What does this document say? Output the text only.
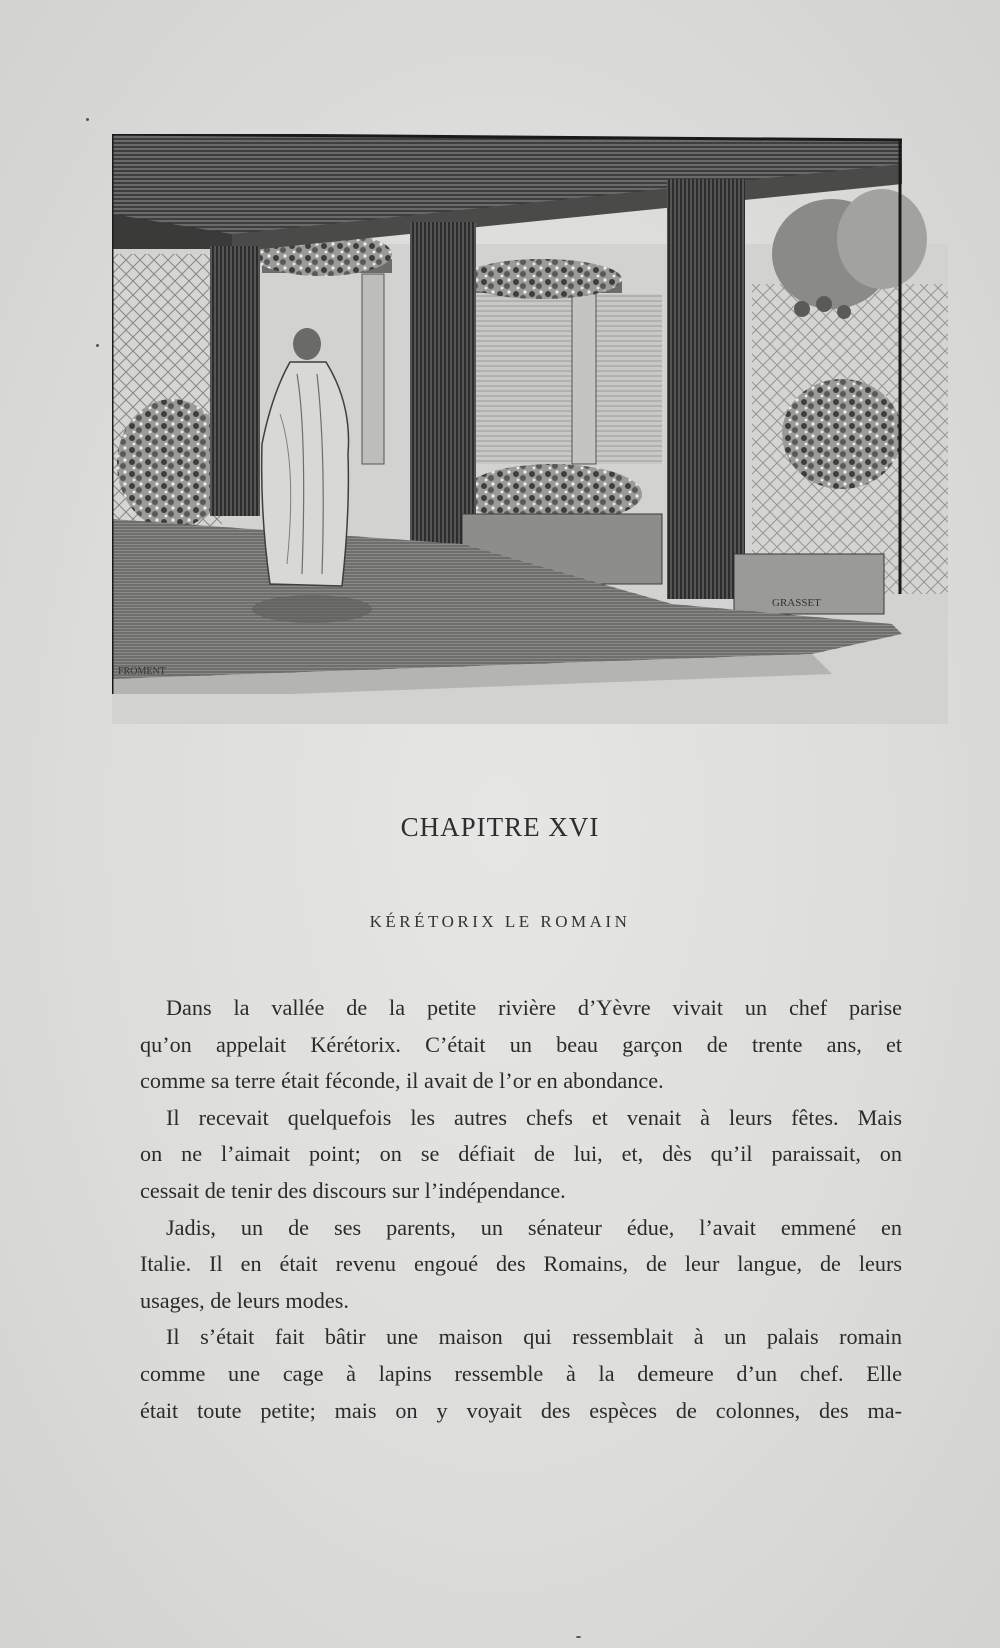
FROMENT
GRASSET
CHAPITRE XVI
KÉRÉTORIX LE ROMAIN
Dans la vallée de la petite rivière d’Yèvre vivait un chef parise
qu’on appelait Kérétorix. C’était un beau garçon de trente ans, et
comme sa terre était féconde, il avait de l’or en abondance.
Il recevait quelquefois les autres chefs et venait à leurs fêtes. Mais
on ne l’aimait point; on se défiait de lui, et, dès qu’il paraissait, on
cessait de tenir des discours sur l’indépendance.
Jadis, un de ses parents, un sénateur édue, l’avait emmené en
Italie. Il en était revenu engoué des Romains, de leur langue, de leurs
usages, de leurs modes.
Il s’était fait bâtir une maison qui ressemblait à un palais romain
comme une cage à lapins ressemble à la demeure d’un chef. Elle
était toute petite; mais on y voyait des espèces de colonnes, des ma-
